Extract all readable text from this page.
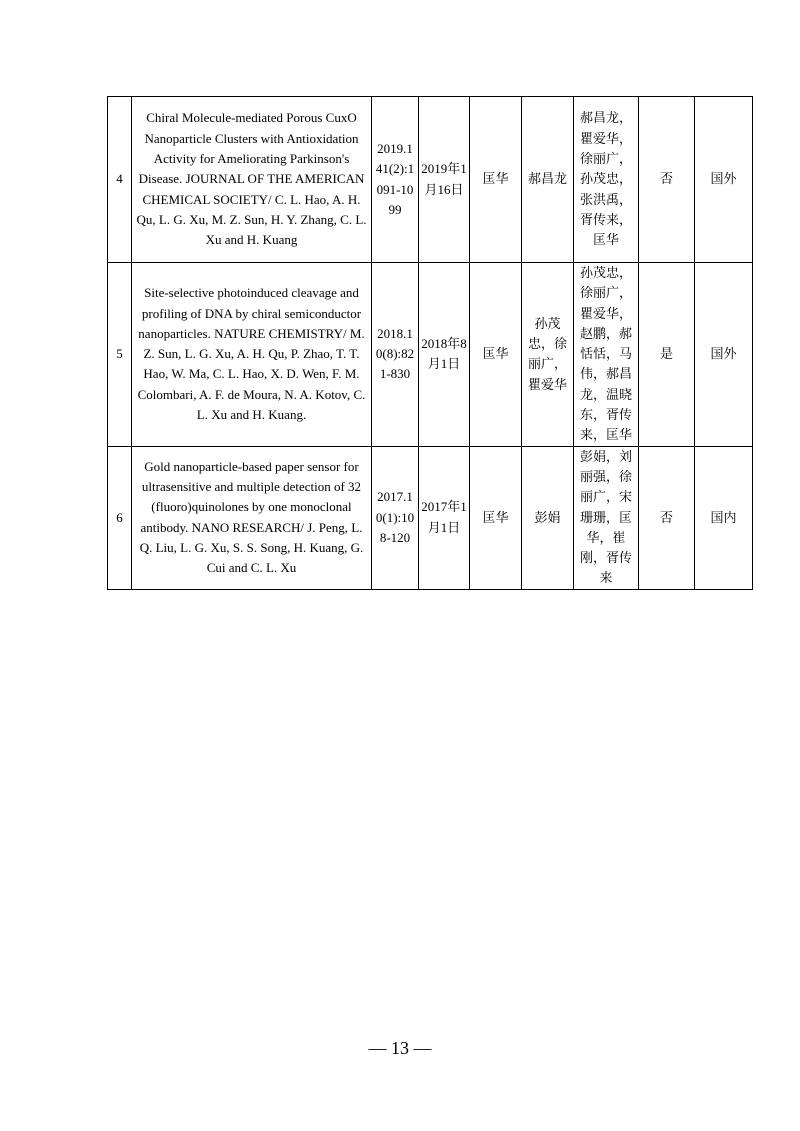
4	Chiral Molecule-mediated Porous CuxO Nanoparticle Clusters with Antioxidation Activity for Ameliorating Parkinson's Disease. JOURNAL OF THE AMERICAN CHEMICAL SOCIETY/ C. L. Hao, A. H. Qu, L. G. Xu, M. Z. Sun, H. Y. Zhang, C. L. Xu and H. Kuang	2019.141(2):1091-1099	2019年1月16日	匡华	郝昌龙	郝昌龙，瞿爱华，徐丽广，孙茂忠，张洪禹，胥传来，匡华	否	国外
5	Site-selective photoinduced cleavage and profiling of DNA by chiral semiconductor nanoparticles. NATURE CHEMISTRY/ M. Z. Sun, L. G. Xu, A. H. Qu, P. Zhao, T. T. Hao, W. Ma, C. L. Hao, X. D. Wen, F. M. Colombari, A. F. de Moura, N. A. Kotov, C. L. Xu and H. Kuang.	2018.10(8):821-830	2018年8月1日	匡华	孙茂忠，徐丽广，瞿爱华	孙茂忠，徐丽广，瞿爱华，赵鹏，郝恬恬，马伟，郝昌龙，温晓东，胥传来，匡华	是	国外
6	Gold nanoparticle-based paper sensor for ultrasensitive and multiple detection of 32 (fluoro)quinolones by one monoclonal antibody. NANO RESEARCH/ J. Peng, L. Q. Liu, L. G. Xu, S. S. Song, H. Kuang, G. Cui and C. L. Xu	2017.10(1):108-120	2017年1月1日	匡华	彭娟	彭娟，刘丽强，徐丽广，宋珊珊，匡华，崔刚，胥传来	否	国内
— 13 —
